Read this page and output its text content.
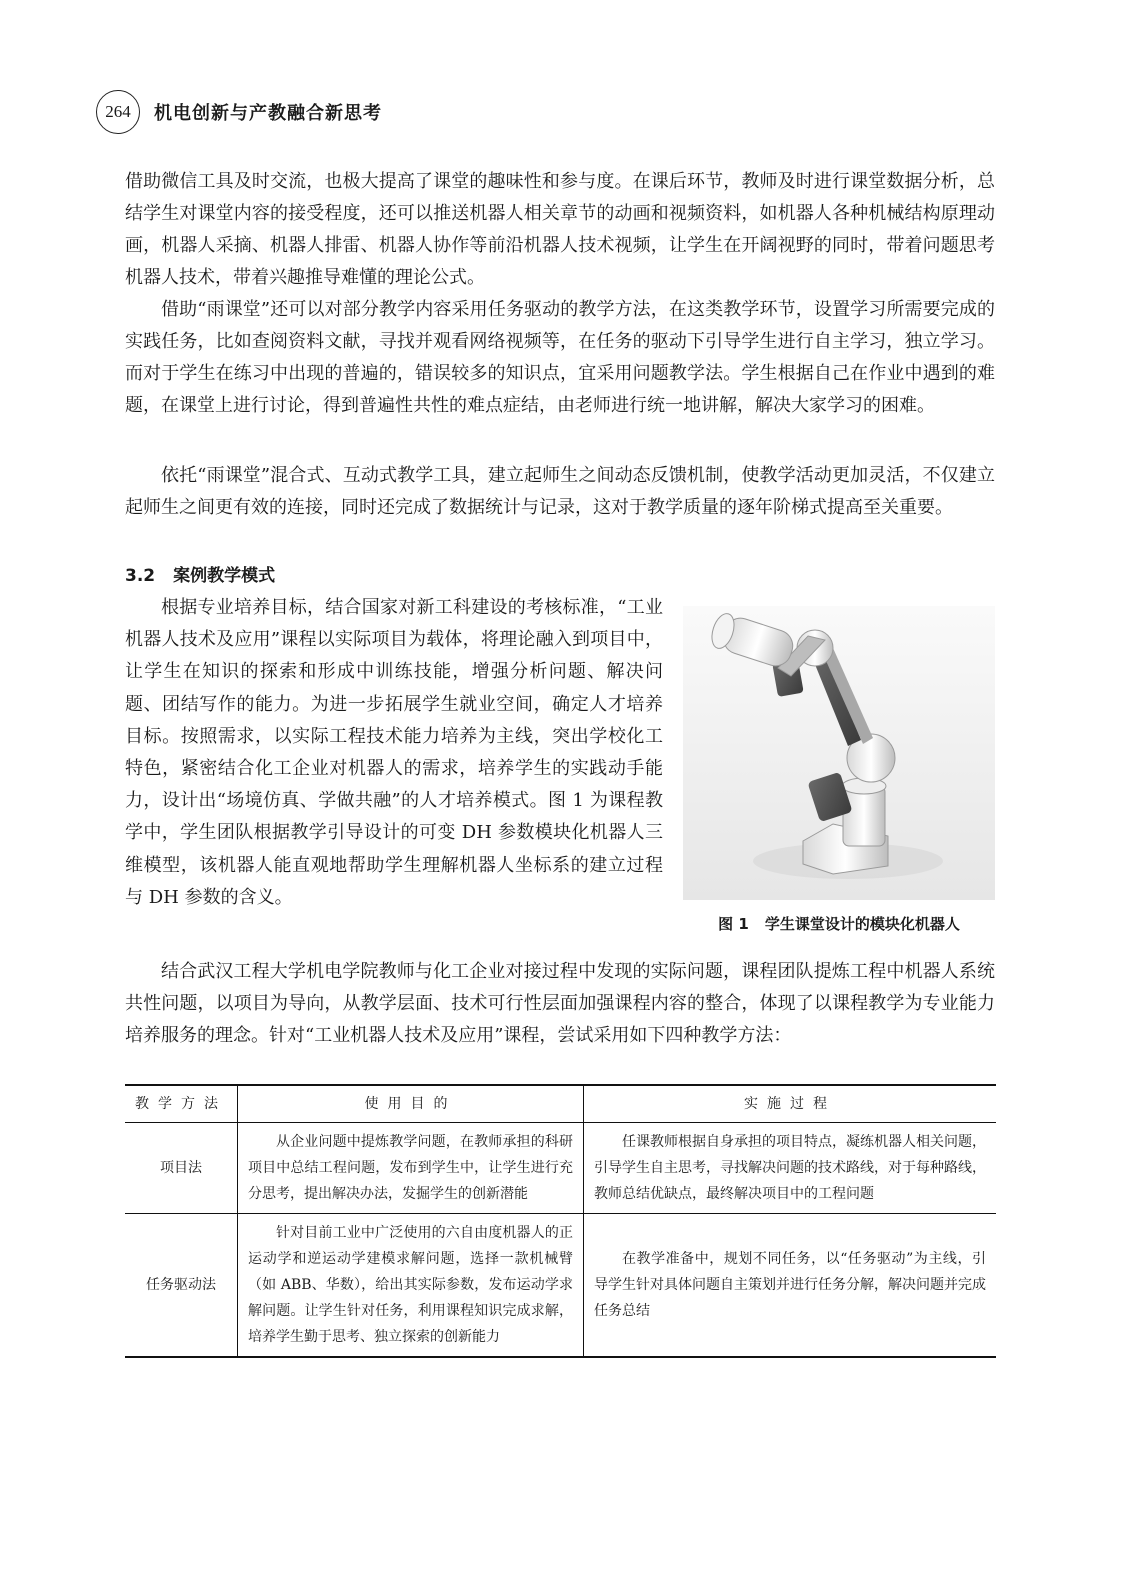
264	机电创新与产教融合新思考

借助微信工具及时交流，也极大提高了课堂的趣味性和参与度。在课后环节，教师及时进行课堂数据分析，总结学生对课堂内容的接受程度，还可以推送机器人相关章节的动画和视频资料，如机器人各种机械结构原理动画，机器人采摘、机器人排雷、机器人协作等前沿机器人技术视频，让学生在开阔视野的同时，带着问题思考机器人技术，带着兴趣推导难懂的理论公式。

借助“雨课堂”还可以对部分教学内容采用任务驱动的教学方法，在这类教学环节，设置学习所需要完成的实践任务，比如查阅资料文献，寻找并观看网络视频等，在任务的驱动下引导学生进行自主学习，独立学习。而对于学生在练习中出现的普遍的，错误较多的知识点，宜采用问题教学法。学生根据自己在作业中遇到的难题，在课堂上进行讨论，得到普遍性共性的难点症结，由老师进行统一地讲解，解决大家学习的困难。

依托“雨课堂”混合式、互动式教学工具，建立起师生之间动态反馈机制，使教学活动更加灵活，不仅建立起师生之间更有效的连接，同时还完成了数据统计与记录，这对于教学质量的逐年阶梯式提高至关重要。

3.2 案例教学模式

根据专业培养目标，结合国家对新工科建设的考核标准，“工业机器人技术及应用”课程以实际项目为载体，将理论融入到项目中，让学生在知识的探索和形成中训练技能，增强分析问题、解决问题、团结写作的能力。为进一步拓展学生就业空间，确定人才培养目标。按照需求，以实际工程技术能力培养为主线，突出学校化工特色，紧密结合化工企业对机器人的需求，培养学生的实践动手能力，设计出“场境仿真、学做共融”的人才培养模式。图 1 为课程教学中，学生团队根据教学引导设计的可变 DH 参数模块化机器人三维模型，该机器人能直观地帮助学生理解机器人坐标系的建立过程与 DH 参数的含义。

图 1 学生课堂设计的模块化机器人

结合武汉工程大学机电学院教师与化工企业对接过程中发现的实际问题，课程团队提炼工程中机器人系统共性问题，以项目为导向，从教学层面、技术可行性层面加强课程内容的整合，体现了以课程教学为专业能力培养服务的理念。针对“工业机器人技术及应用”课程，尝试采用如下四种教学方法：

教学方法	使用目的	实施过程
项目法	从企业问题中提炼教学问题，在教师承担的科研项目中总结工程问题，发布到学生中，让学生进行充分思考，提出解决办法，发掘学生的创新潜能	任课教师根据自身承担的项目特点，凝练机器人相关问题，引导学生自主思考，寻找解决问题的技术路线，对于每种路线，教师总结优缺点，最终解决项目中的工程问题
任务驱动法	针对目前工业中广泛使用的六自由度机器人的正运动学和逆运动学建模求解问题，选择一款机械臂（如 ABB、华数），给出其实际参数，发布运动学求解问题。让学生针对任务，利用课程知识完成求解，培养学生勤于思考、独立探索的创新能力	在教学准备中，规划不同任务，以“任务驱动”为主线，引导学生针对具体问题自主策划并进行任务分解，解决问题并完成任务总结
